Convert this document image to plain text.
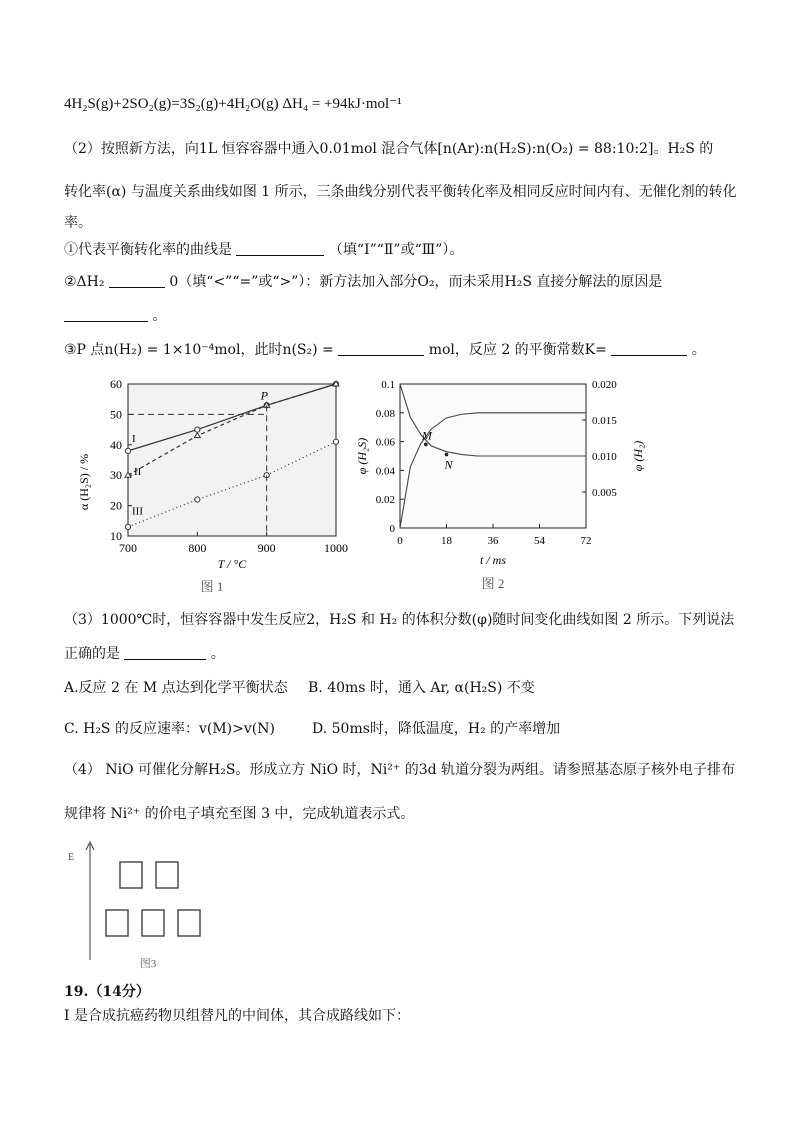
4H₂S(g)+2SO₂(g)=3S₂(g)+4H₂O(g) ΔH₄ = +94kJ·mol⁻¹
（2）按照新方法，向1L 恒容容器中通入0.01mol 混合气体[n(Ar):n(H₂S):n(O₂) = 88:10:2]。H₂S 的
转化率(α) 与温度关系曲线如图 1 所示，三条曲线分别代表平衡转化率及相同反应时间内有、无催化剂的转化
率。
①代表平衡转化率的曲线是	（填“Ⅰ”“Ⅱ”或“Ⅲ”）。
②ΔH₂	0（填“<”“=”或“>”）：新方法加入部分O₂，而未采用H₂S 直接分解法的原因是
。
③P 点n(H₂) = 1×10⁻⁴mol，此时n(S₂) =	mol，反应 2 的平衡常数K=	。
10
20
30
40
50
60
700	800	900	1000
P
I
II
III
α (H₂S) / %
T / °C
图 1
0
0.02
0.04
0.06
0.08
0.1
0.005
0.010
0.015
0.020
0	18	36	54	72
M
N
φ (H₂S)	φ (H₂)
t / ms
图 2
（3）1000℃时，恒容容器中发生反应2，H₂S 和 H₂ 的体积分数(φ)随时间变化曲线如图 2 所示。下列说法
正确的是	。
A.反应 2 在 M 点达到化学平衡状态 B. 40ms 时，通入 Ar, α(H₂S) 不变
C. H₂S 的反应速率：v(M)>v(N)	D. 50ms时，降低温度，H₂ 的产率增加
（4） NiO 可催化分解H₂S。形成立方 NiO 时，Ni²⁺ 的3d 轨道分裂为两组。请参照基态原子核外电子排布
规律将 Ni²⁺ 的价电子填充至图 3 中，完成轨道表示式。
E
图3
19.（14分）
I 是合成抗癌药物贝组替凡的中间体，其合成路线如下：
